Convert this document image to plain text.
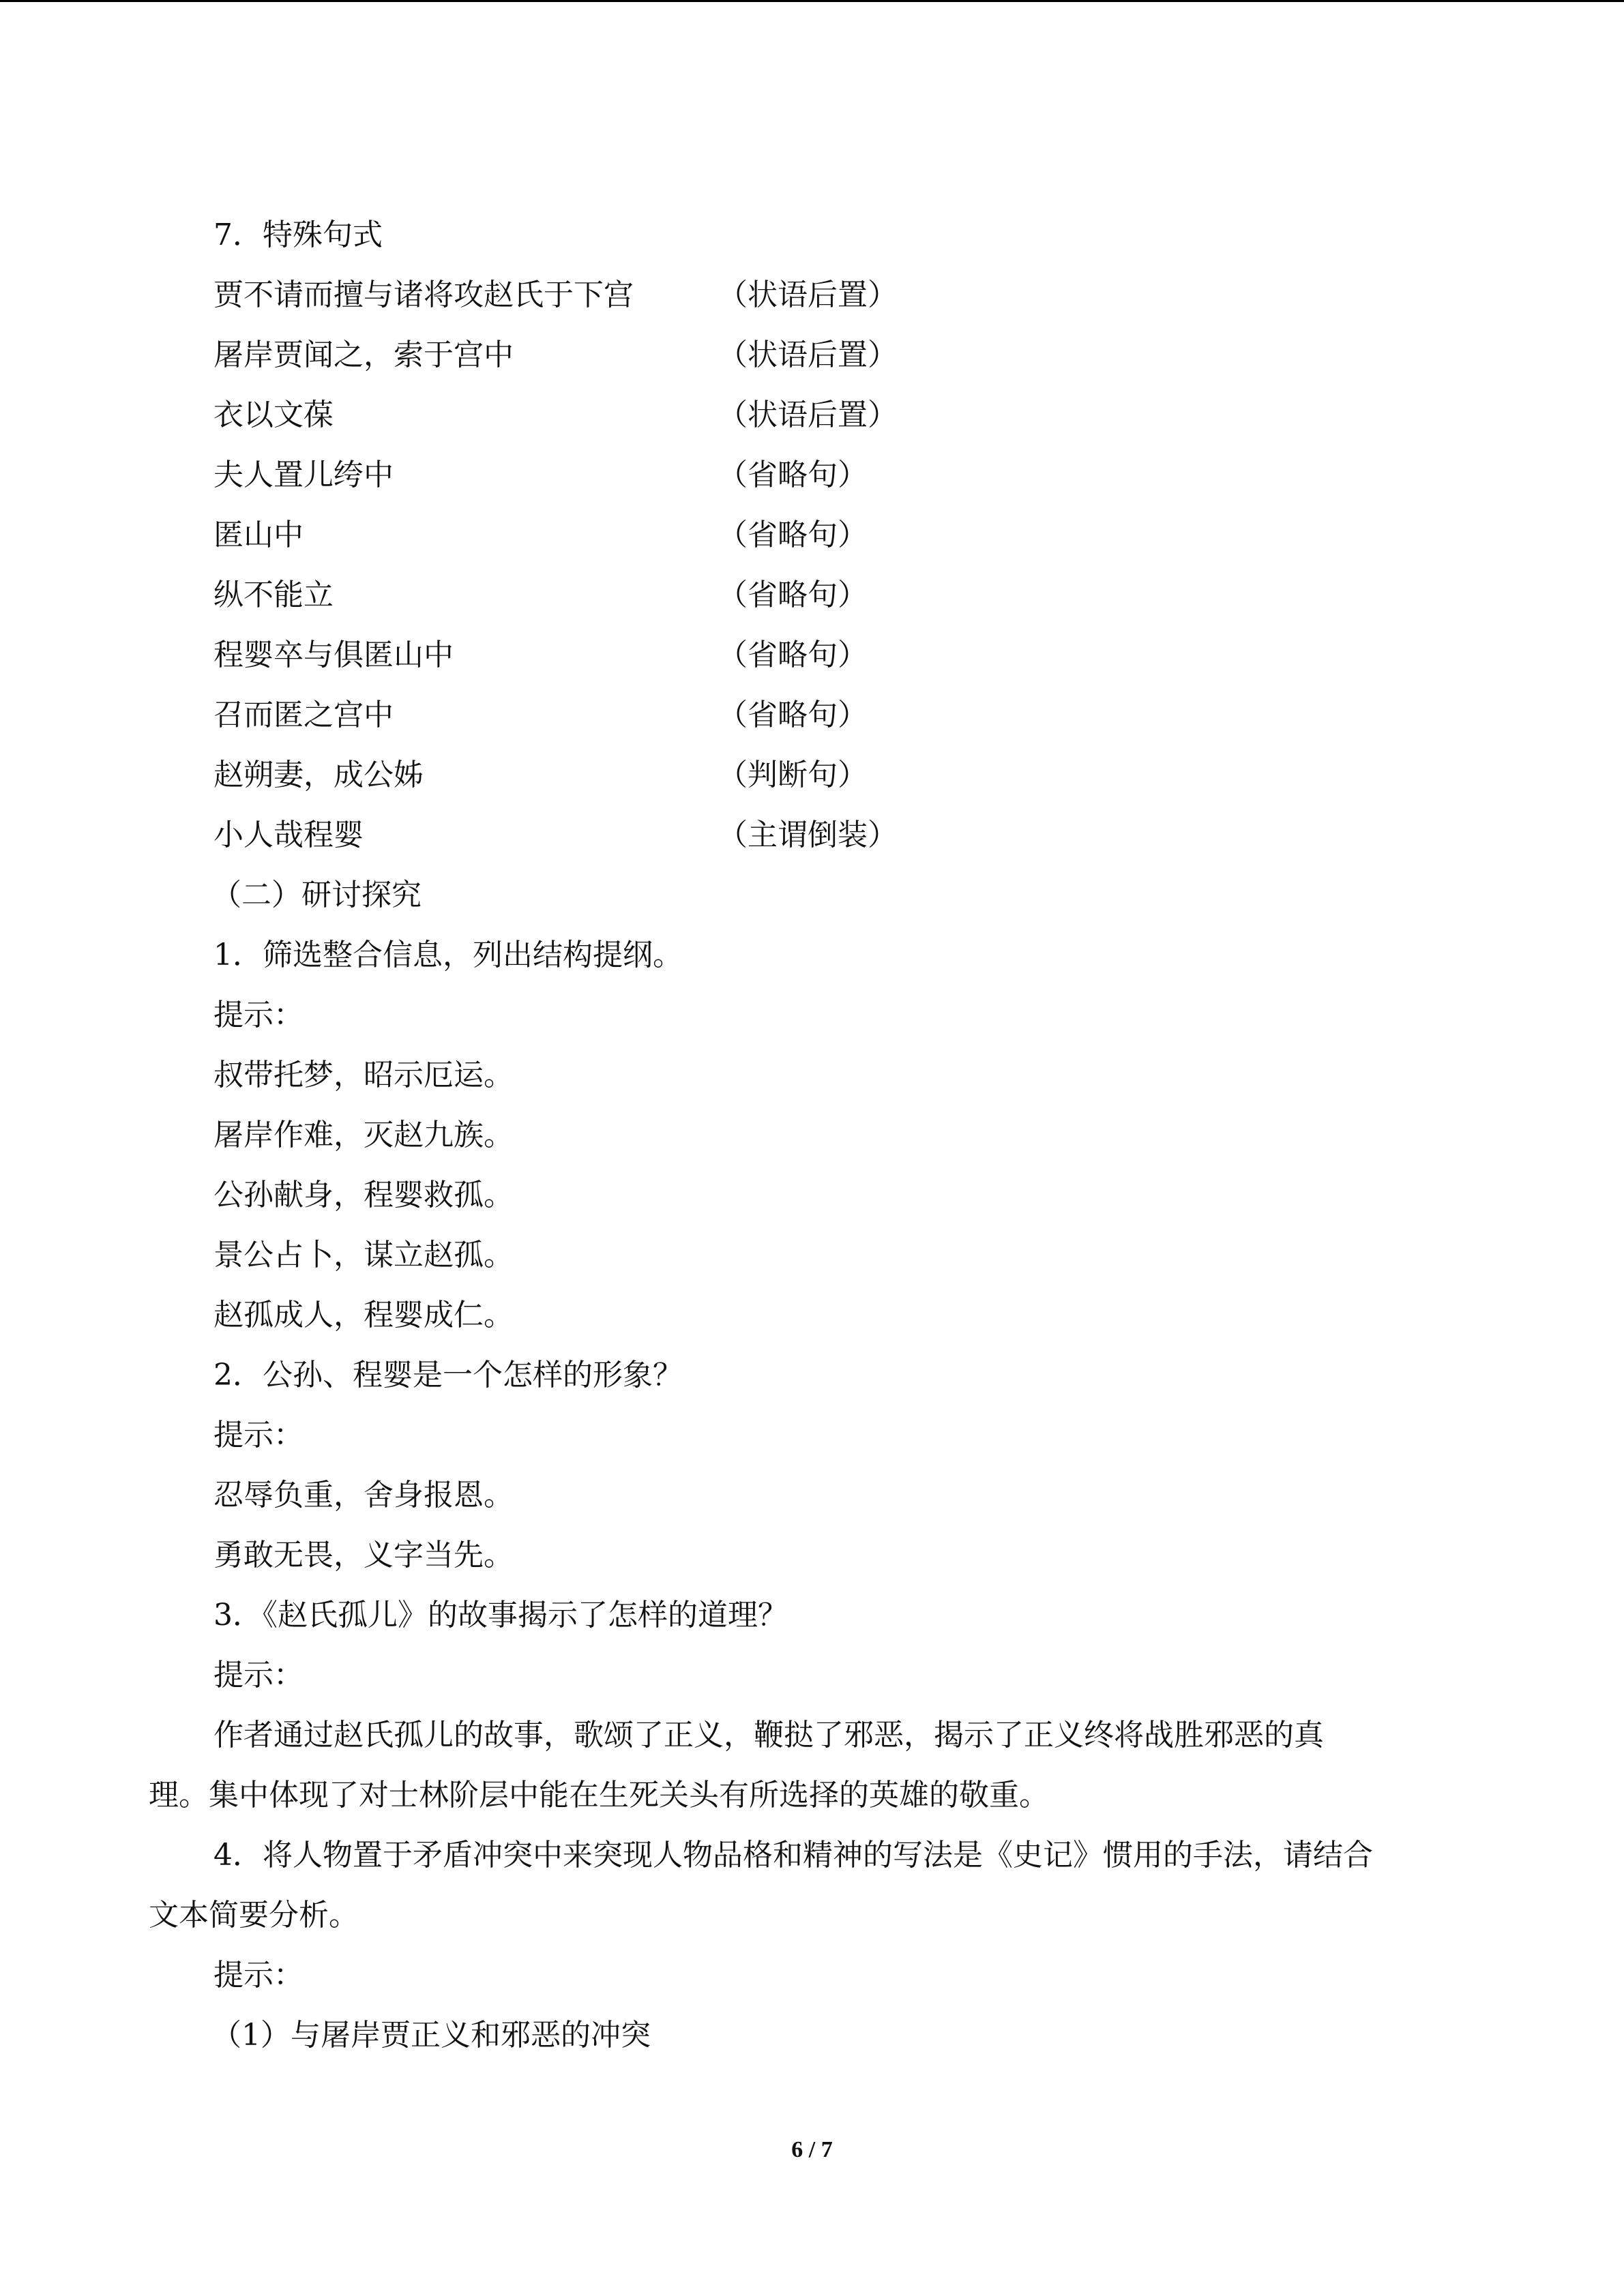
7．特殊句式
贾不请而擅与诸将攻赵氏于下宫	（状语后置）
屠岸贾闻之，索于宫中	（状语后置）
衣以文葆	（状语后置）
夫人置儿绔中	（省略句）
匿山中	（省略句）
纵不能立	（省略句）
程婴卒与俱匿山中	（省略句）
召而匿之宫中	（省略句）
赵朔妻，成公姊	（判断句）
小人哉程婴	（主谓倒装）
（二）研讨探究
1．筛选整合信息，列出结构提纲。
提示：
叔带托梦，昭示厄运。
屠岸作难，灭赵九族。
公孙献身，程婴救孤。
景公占卜，谋立赵孤。
赵孤成人，程婴成仁。
2．公孙、程婴是一个怎样的形象？
提示：
忍辱负重，舍身报恩。
勇敢无畏，义字当先。
3．《赵氏孤儿》的故事揭示了怎样的道理？
提示：
作者通过赵氏孤儿的故事，歌颂了正义，鞭挞了邪恶，揭示了正义终将战胜邪恶的真
理。集中体现了对士林阶层中能在生死关头有所选择的英雄的敬重。
4．将人物置于矛盾冲突中来突现人物品格和精神的写法是《史记》惯用的手法，请结合
文本简要分析。
提示：
（1）与屠岸贾正义和邪恶的冲突
6 / 7
